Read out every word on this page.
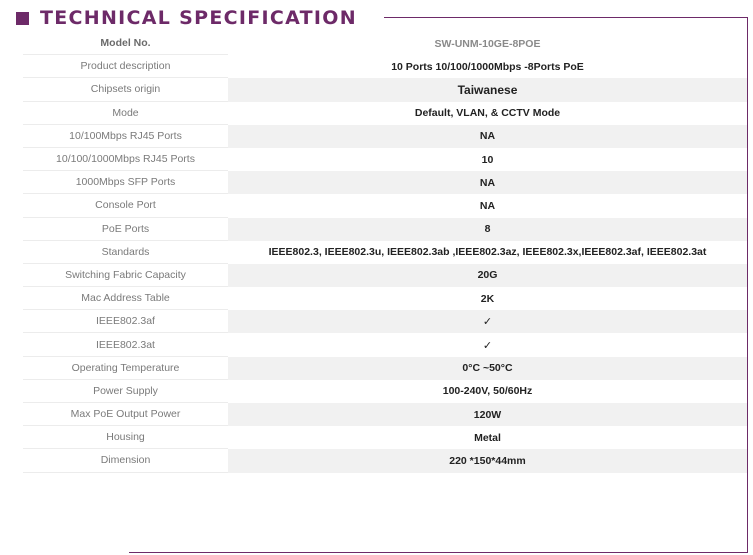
TECHNICAL SPECIFICATION
Model No.	SW-UNM-10GE-8POE
Product description	10 Ports 10/100/1000Mbps -8Ports PoE
Chipsets origin	Taiwanese
Mode	Default, VLAN, & CCTV Mode
10/100Mbps RJ45 Ports	NA
10/100/1000Mbps RJ45 Ports	10
1000Mbps SFP Ports	NA
Console Port	NA
PoE Ports	8
Standards	IEEE802.3, IEEE802.3u, IEEE802.3ab ,IEEE802.3az, IEEE802.3x,IEEE802.3af, IEEE802.3at
Switching Fabric Capacity	20G
Mac Address Table	2K
IEEE802.3af	✓
IEEE802.3at	✓
Operating Temperature	0°C ~50°C
Power Supply	100-240V, 50/60Hz
Max PoE Output Power	120W
Housing	Metal
Dimension	220 *150*44mm
